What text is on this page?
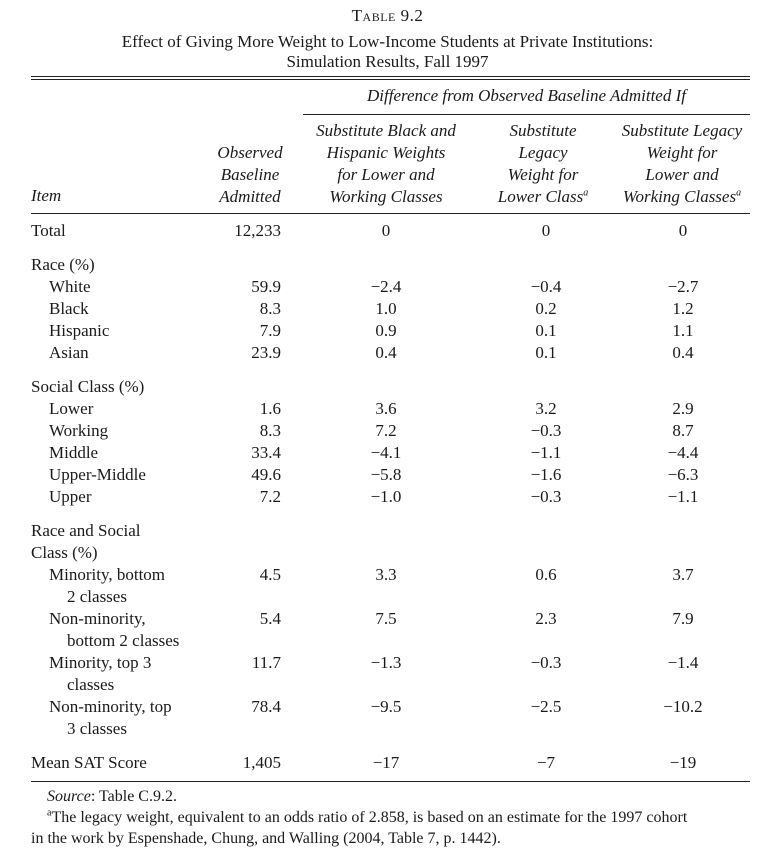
Table 9.2
Effect of Giving More Weight to Low-Income Students at Private Institutions:
Simulation Results, Fall 1997
Difference from Observed Baseline Admitted If
Observed
Baseline
Admitted
Substitute Black and
Hispanic Weights
for Lower and
Working Classes
Substitute
Legacy
Weight for
Lower Class$^a$
Substitute Legacy
Weight for
Lower and
Working Classes$^a$
Item
Total	12,233	0	0	0
Race (%)
White	59.9	−2.4	−0.4	−2.7
Black	8.3	1.0	0.2	1.2
Hispanic	7.9	0.9	0.1	1.1
Asian	23.9	0.4	0.1	0.4
Social Class (%)
Lower	1.6	3.6	3.2	2.9
Working	8.3	7.2	−0.3	8.7
Middle	33.4	−4.1	−1.1	−4.4
Upper-Middle	49.6	−5.8	−1.6	−6.3
Upper	7.2	−1.0	−0.3	−1.1
Race and Social
Class (%)
Minority, bottom
2 classes
4.5	3.3	0.6	3.7
Non-minority,
bottom 2 classes
5.4	7.5	2.3	7.9
Minority, top 3
classes
11.7	−1.3	−0.3	−1.4
Non-minority, top
3 classes
78.4	−9.5	−2.5	−10.2
Mean SAT Score	1,405	−17	−7	−19
Source: Table C.9.2.
$^a$The legacy weight, equivalent to an odds ratio of 2.858, is based on an estimate for the 1997 cohort
in the work by Espenshade, Chung, and Walling (2004, Table 7, p. 1442).
